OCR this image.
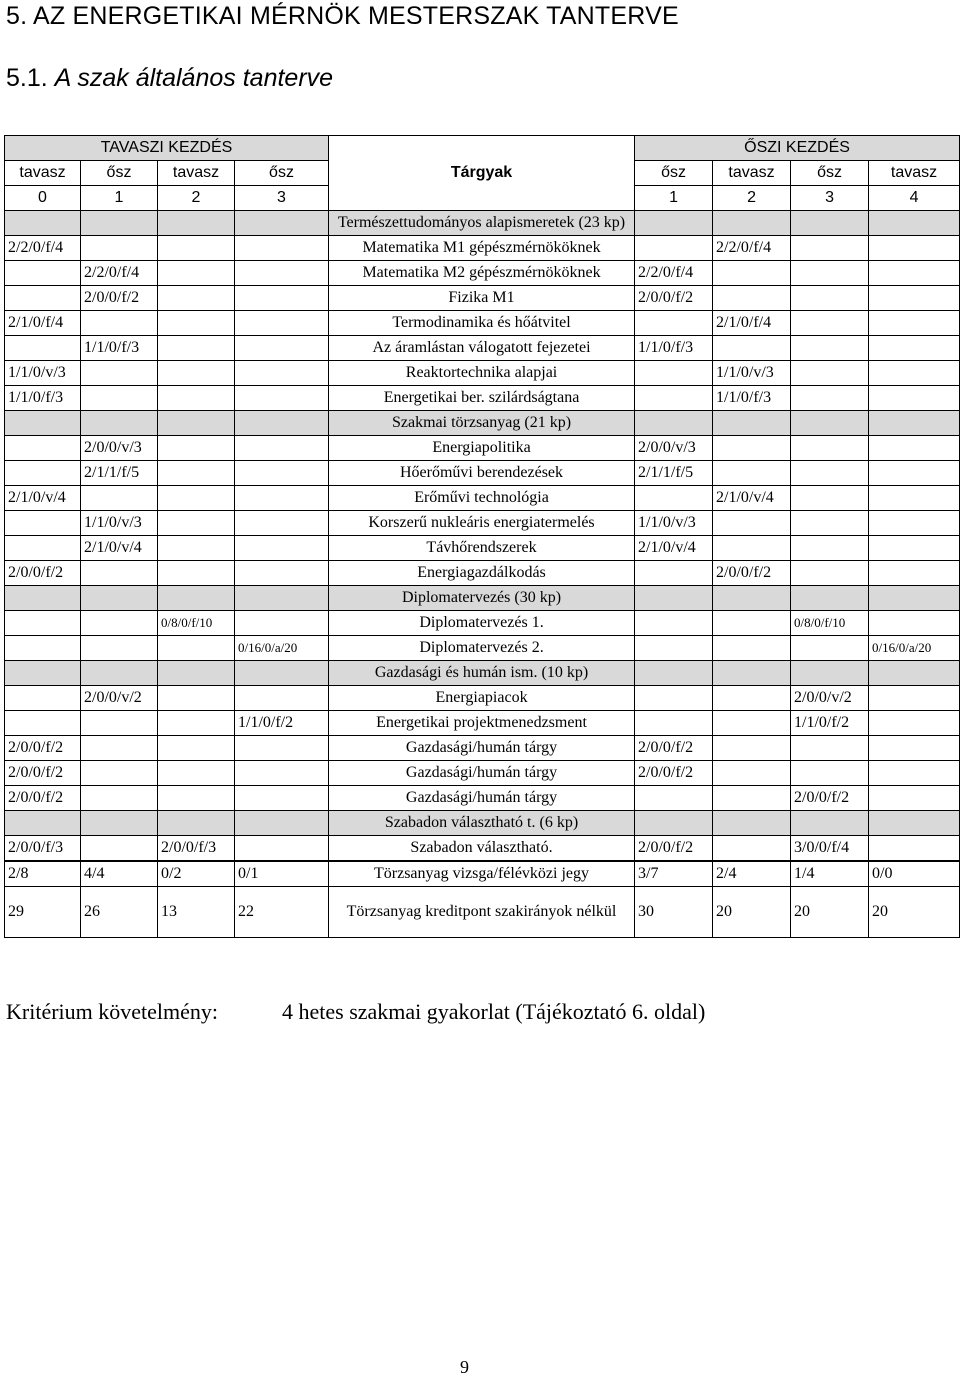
5. AZ ENERGETIKAI MÉRNÖK MESTERSZAK TANTERVE
5.1. A szak általános tanterve
TAVASZI KEZDÉS				Tárgyak	ŐSZI KEZDÉS			
tavasz	ősz	tavasz	ősz		ősz	tavasz	ősz	tavasz
0	1	2	3		1	2	3	4
				Természettudományos alapismeretek (23 kp)				
2/2/0/f/4				Matematika M1 gépészmérnököknek		2/2/0/f/4		
	2/2/0/f/4			Matematika M2 gépészmérnököknek	2/2/0/f/4			
	2/0/0/f/2			Fizika M1	2/0/0/f/2			
2/1/0/f/4				Termodinamika és hőátvitel		2/1/0/f/4		
	1/1/0/f/3			Az áramlástan válogatott fejezetei	1/1/0/f/3			
1/1/0/v/3				Reaktortechnika alapjai		1/1/0/v/3		
1/1/0/f/3				Energetikai ber. szilárdságtana		1/1/0/f/3		
				Szakmai törzsanyag (21 kp)				
	2/0/0/v/3			Energiapolitika	2/0/0/v/3			
	2/1/1/f/5			Hőerőművi berendezések	2/1/1/f/5			
2/1/0/v/4				Erőművi technológia		2/1/0/v/4		
	1/1/0/v/3			Korszerű nukleáris energiatermelés	1/1/0/v/3			
	2/1/0/v/4			Távhőrendszerek	2/1/0/v/4			
2/0/0/f/2				Energiagazdálkodás		2/0/0/f/2		
				Diplomatervezés (30 kp)				
		0/8/0/f/10		Diplomatervezés 1.			0/8/0/f/10	
			0/16/0/a/20	Diplomatervezés 2.				0/16/0/a/20
				Gazdasági és humán ism. (10 kp)				
	2/0/0/v/2			Energiapiacok			2/0/0/v/2	
			1/1/0/f/2	Energetikai projektmenedzsment			1/1/0/f/2	
2/0/0/f/2				Gazdasági/humán tárgy	2/0/0/f/2			
2/0/0/f/2				Gazdasági/humán tárgy	2/0/0/f/2			
2/0/0/f/2				Gazdasági/humán tárgy			2/0/0/f/2	
				Szabadon választható t. (6 kp)				
2/0/0/f/3		2/0/0/f/3		Szabadon választható.	2/0/0/f/2		3/0/0/f/4	
2/8	4/4	0/2	0/1	Törzsanyag vizsga/félévközi jegy	3/7	2/4	1/4	0/0
29	26	13	22	Törzsanyag kreditpont szakirányok nélkül	30	20	20	20
Kritérium követelmény:	4 hetes szakmai gyakorlat (Tájékoztató 6. oldal)
9
